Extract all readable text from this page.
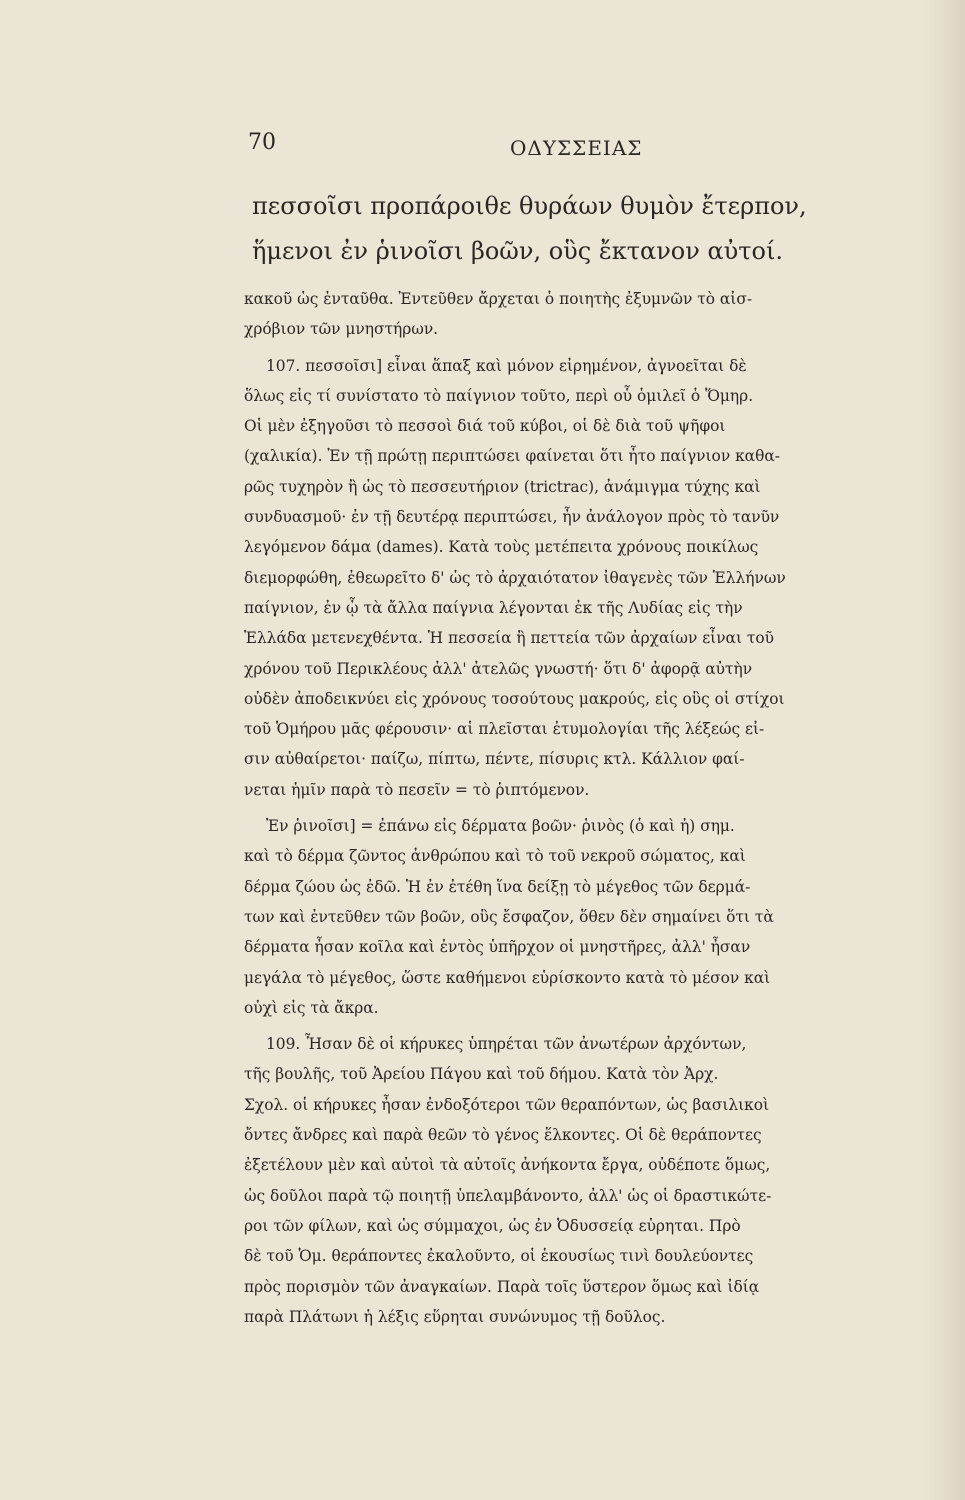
70	ΟΔΥΣΣΕΙΑΣ
πεσσοῖσι προπάροιθε θυράων θυμὸν ἔτερπον,
ἥμενοι ἐν ῥινοῖσι βοῶν, οὓς ἔκτανον αὐτοί.
κακοῦ ὡς ἐνταῦθα. Ἐντεῦθεν ἄρχεται ὁ ποιητὴς ἐξυμνῶν τὸ αἰσ-
χρόβιον τῶν μνηστήρων.
107. πεσσοῖσι] εἶναι ἅπαξ καὶ μόνον εἰρημένον, ἀγνοεῖται δὲ
ὅλως εἰς τί συνίστατο τὸ παίγνιον τοῦτο, περὶ οὗ ὁμιλεῖ ὁ Ὅμηρ.
Οἱ μὲν ἐξηγοῦσι τὸ πεσσοὶ διά τοῦ κύβοι, οἱ δὲ διὰ τοῦ ψῆφοι
(χαλικία). Ἐν τῇ πρώτῃ περιπτώσει φαίνεται ὅτι ἦτο παίγνιον καθα-
ρῶς τυχηρὸν ἢ ὡς τὸ πεσσευτήριον (trictrac), ἀνάμιγμα τύχης καὶ
συνδυασμοῦ· ἐν τῇ δευτέρᾳ περιπτώσει, ἦν ἀνάλογον πρὸς τὸ τανῦν
λεγόμενον δάμα (dames). Κατὰ τοὺς μετέπειτα χρόνους ποικίλως
διεμορφώθη, ἐθεωρεῖτο δ' ὡς τὸ ἀρχαιότατον ἰθαγενὲς τῶν Ἑλλήνων
παίγνιον, ἐν ᾧ τὰ ἄλλα παίγνια λέγονται ἐκ τῆς Λυδίας εἰς τὴν
Ἑλλάδα μετενεχθέντα. Ἡ πεσσεία ἢ πεττεία τῶν ἀρχαίων εἶναι τοῦ
χρόνου τοῦ Περικλέους ἀλλ' ἀτελῶς γνωστή· ὅτι δ' ἀφορᾷ αὐτὴν
οὐδὲν ἀποδεικνύει εἰς χρόνους τοσούτους μακρούς, εἰς οὓς οἱ στίχοι
τοῦ Ὁμήρου μᾶς φέρουσιν· αἱ πλεῖσται ἐτυμολογίαι τῆς λέξεώς εἰ-
σιν αὐθαίρετοι· παίζω, πίπτω, πέντε, πίσυρις κτλ. Κάλλιον φαί-
νεται ἡμῖν παρὰ τὸ πεσεῖν = τὸ ῥιπτόμενον.
Ἐν ῥινοῖσι] = ἐπάνω εἰς δέρματα βοῶν· ῥινὸς (ὁ καὶ ἡ) σημ.
καὶ τὸ δέρμα ζῶντος ἀνθρώπου καὶ τὸ τοῦ νεκροῦ σώματος, καὶ
δέρμα ζώου ὡς ἐδῶ. Ἡ ἐν ἐτέθη ἵνα δείξῃ τὸ μέγεθος τῶν δερμά-
των καὶ ἐντεῦθεν τῶν βοῶν, οὓς ἔσφαζον, ὅθεν δὲν σημαίνει ὅτι τὰ
δέρματα ἦσαν κοῖλα καὶ ἐντὸς ὑπῆρχον οἱ μνηστῆρες, ἀλλ' ἦσαν
μεγάλα τὸ μέγεθος, ὥστε καθήμενοι εὑρίσκοντο κατὰ τὸ μέσον καὶ
οὐχὶ εἰς τὰ ἄκρα.
109. Ἦσαν δὲ οἱ κήρυκες ὑπηρέται τῶν ἀνωτέρων ἀρχόντων,
τῆς βουλῆς, τοῦ Ἀρείου Πάγου καὶ τοῦ δήμου. Κατὰ τὸν Ἀρχ.
Σχολ. οἱ κήρυκες ἦσαν ἐνδοξότεροι τῶν θεραπόντων, ὡς βασιλικοὶ
ὄντες ἄνδρες καὶ παρὰ θεῶν τὸ γένος ἕλκοντες. Οἱ δὲ θεράποντες
ἐξετέλουν μὲν καὶ αὐτοὶ τὰ αὐτοῖς ἀνήκοντα ἔργα, οὐδέποτε ὅμως,
ὡς δοῦλοι παρὰ τῷ ποιητῇ ὑπελαμβάνοντο, ἀλλ' ὡς οἱ δραστικώτε-
ροι τῶν φίλων, καὶ ὡς σύμμαχοι, ὡς ἐν Ὀδυσσείᾳ εὑρηται. Πρὸ
δὲ τοῦ Ὁμ. θεράποντες ἐκαλοῦντο, οἱ ἑκουσίως τινὶ δουλεύοντες
πρὸς πορισμὸν τῶν ἀναγκαίων. Παρὰ τοῖς ὕστερον ὅμως καὶ ἰδίᾳ
παρὰ Πλάτωνι ἡ λέξις εὕρηται συνώνυμος τῇ δοῦλος.
